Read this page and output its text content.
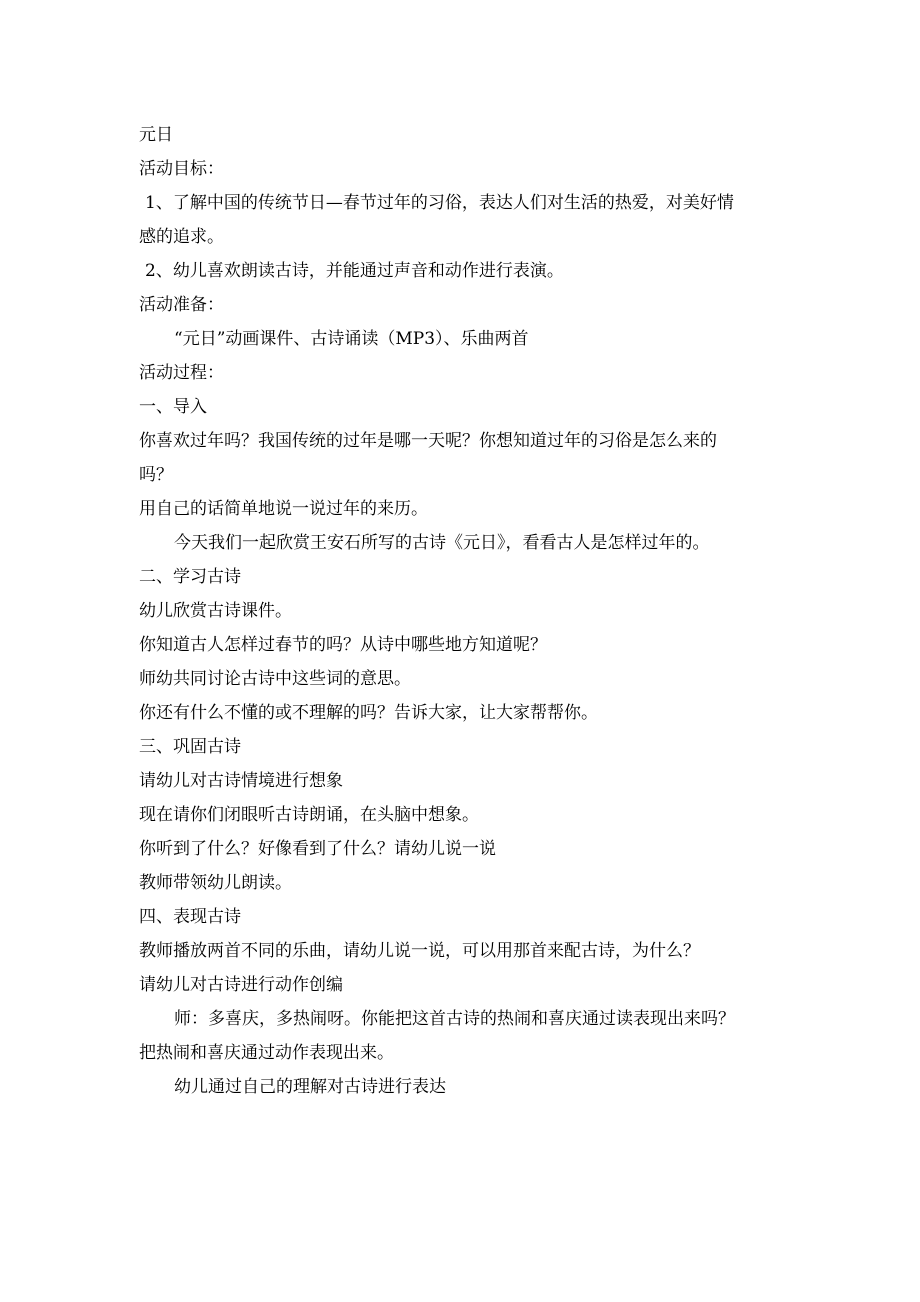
元日
活动目标：
1、了解中国的传统节日—春节过年的习俗，表达人们对生活的热爱，对美好情
感的追求。
2、幼儿喜欢朗读古诗，并能通过声音和动作进行表演。
活动准备：
“元日”动画课件、古诗诵读（MP3）、乐曲两首
活动过程：
一、导入
你喜欢过年吗？我国传统的过年是哪一天呢？你想知道过年的习俗是怎么来的
吗？
用自己的话简单地说一说过年的来历。
今天我们一起欣赏王安石所写的古诗《元日》，看看古人是怎样过年的。
二、学习古诗
幼儿欣赏古诗课件。
你知道古人怎样过春节的吗？从诗中哪些地方知道呢？
师幼共同讨论古诗中这些词的意思。
你还有什么不懂的或不理解的吗？告诉大家，让大家帮帮你。
三、巩固古诗
请幼儿对古诗情境进行想象
现在请你们闭眼听古诗朗诵，在头脑中想象。
你听到了什么？好像看到了什么？请幼儿说一说
教师带领幼儿朗读。
四、表现古诗
教师播放两首不同的乐曲，请幼儿说一说，可以用那首来配古诗，为什么？
请幼儿对古诗进行动作创编
师：多喜庆，多热闹呀。你能把这首古诗的热闹和喜庆通过读表现出来吗？
把热闹和喜庆通过动作表现出来。
幼儿通过自己的理解对古诗进行表达
